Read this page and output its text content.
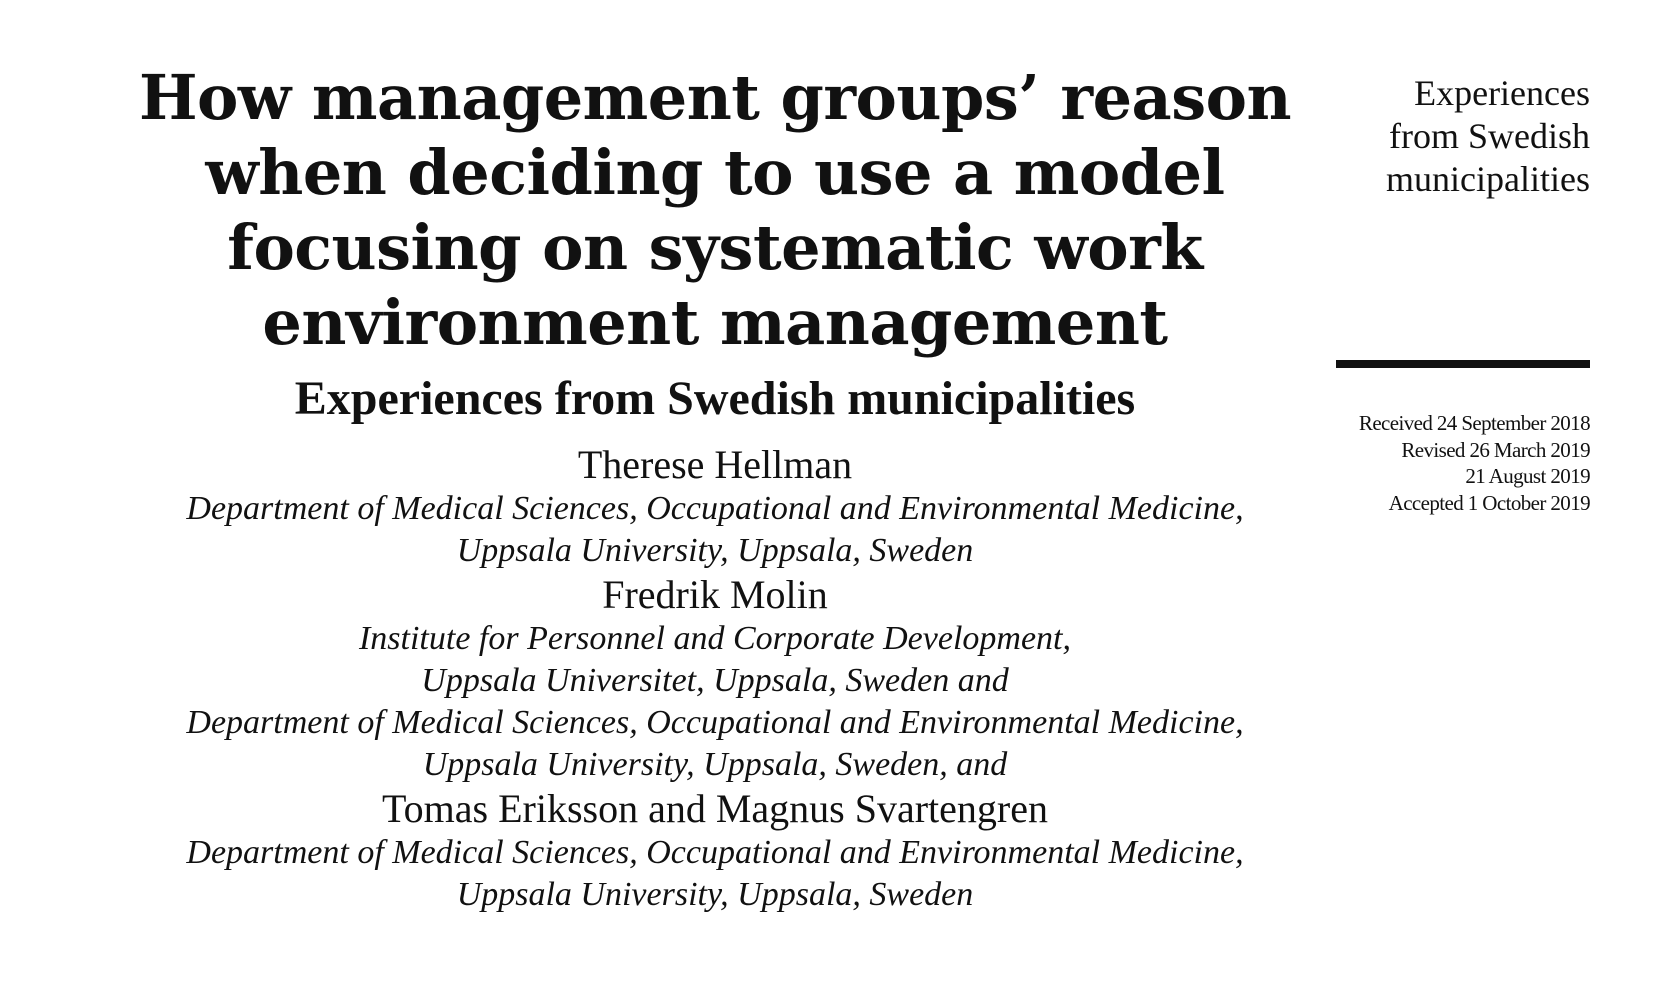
How management groups’ reason
when deciding to use a model
focusing on systematic work
environment management
Experiences from Swedish municipalities
Therese Hellman
Department of Medical Sciences, Occupational and Environmental Medicine,
Uppsala University, Uppsala, Sweden
Fredrik Molin
Institute for Personnel and Corporate Development,
Uppsala Universitet, Uppsala, Sweden and
Department of Medical Sciences, Occupational and Environmental Medicine,
Uppsala University, Uppsala, Sweden, and
Tomas Eriksson and Magnus Svartengren
Department of Medical Sciences, Occupational and Environmental Medicine,
Uppsala University, Uppsala, Sweden
Experiences
from Swedish
municipalities
Received 24 September 2018
Revised 26 March 2019
21 August 2019
Accepted 1 October 2019
